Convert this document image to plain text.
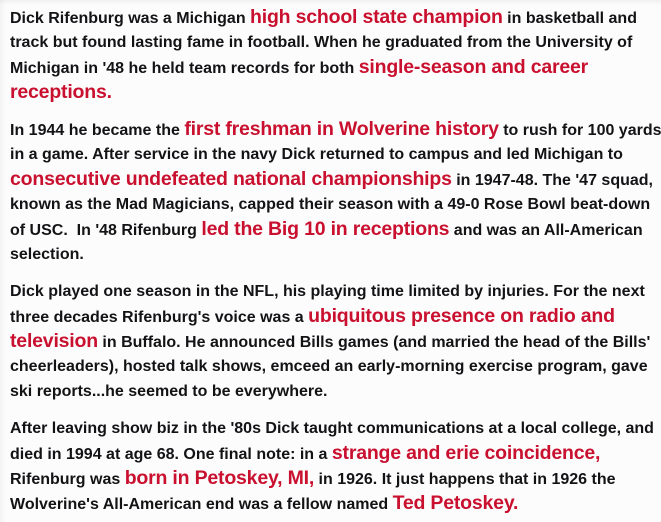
Dick Rifenburg was a Michigan high school state champion in basketball and
track but found lasting fame in football. When he graduated from the University of
Michigan in '48 he held team records for both single-season and career
receptions.

In 1944 he became the first freshman in Wolverine history to rush for 100 yards
in a game. After service in the navy Dick returned to campus and led Michigan to
consecutive undefeated national championships in 1947-48. The '47 squad,
known as the Mad Magicians, capped their season with a 49-0 Rose Bowl beat-down
of USC.  In '48 Rifenburg led the Big 10 in receptions and was an All-American
selection.

Dick played one season in the NFL, his playing time limited by injuries. For the next
three decades Rifenburg's voice was a ubiquitous presence on radio and
television in Buffalo. He announced Bills games (and married the head of the Bills'
cheerleaders), hosted talk shows, emceed an early-morning exercise program, gave
ski reports...he seemed to be everywhere.

After leaving show biz in the '80s Dick taught communications at a local college, and
died in 1994 at age 68. One final note: in a strange and erie coincidence,
Rifenburg was born in Petoskey, MI, in 1926. It just happens that in 1926 the
Wolverine's All-American end was a fellow named Ted Petoskey.
